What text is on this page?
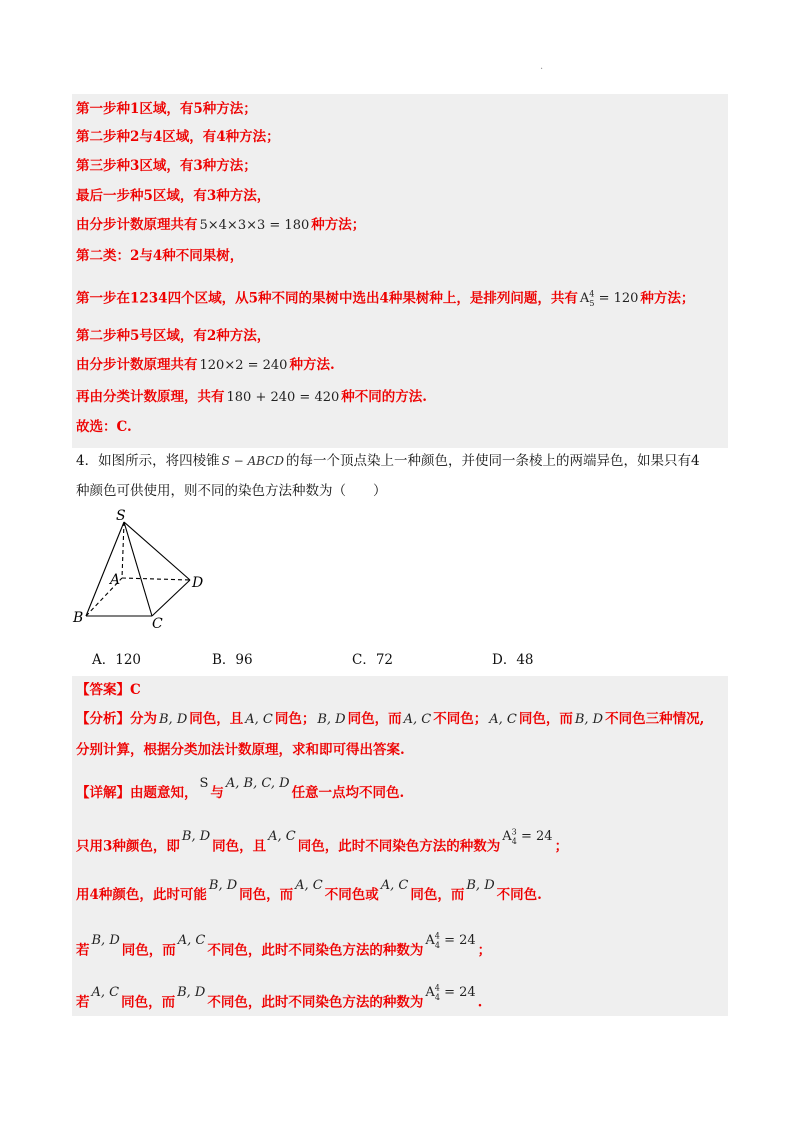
·
第一步种1区域，有5种方法；
第二步种2与4区域，有4种方法；
第三步种3区域，有3种方法；
最后一步种5区域，有3种方法，
由分步计数原理共有 5×4×3×3 = 180 种方法；
第二类：2与4种不同果树，
第一步在1234四个区域，从5种不同的果树中选出4种果树种上，是排列问题，共有 $A^4_5 = 120$ 种方法；
第二步种5号区域，有2种方法，
由分步计数原理共有 120×2 = 240 种方法.
再由分类计数原理，共有 180 + 240 = 420 种不同的方法.
故选：C.
4．如图所示，将四棱锥 S − ABCD 的每一个顶点染上一种颜色，并使同一条棱上的两端异色，如果只有4
种颜色可供使用，则不同的染色方法种数为（　　）
S
A	D
B	C
A．120	B．96	C．72	D．48
【答案】C
【分析】分为 B, D 同色，且 A, C 同色； B, D 同色，而 A, C 不同色； A, C 同色，而 B, D 不同色三种情况,
分别计算，根据分类加法计数原理，求和即可得出答案.
【详解】由题意知，S与A, B, C, D任意一点均不同色.
只用3种颜色，即B, D同色，且A, C同色，此时不同染色方法的种数为$A^3_4 = 24$；
用4种颜色，此时可能B, D同色，而A, C不同色或A, C同色，而B, D不同色.
若B, D同色，而A, C不同色，此时不同染色方法的种数为$A^4_4 = 24$；
若A, C同色，而B, D不同色，此时不同染色方法的种数为$A^4_4 = 24$.
